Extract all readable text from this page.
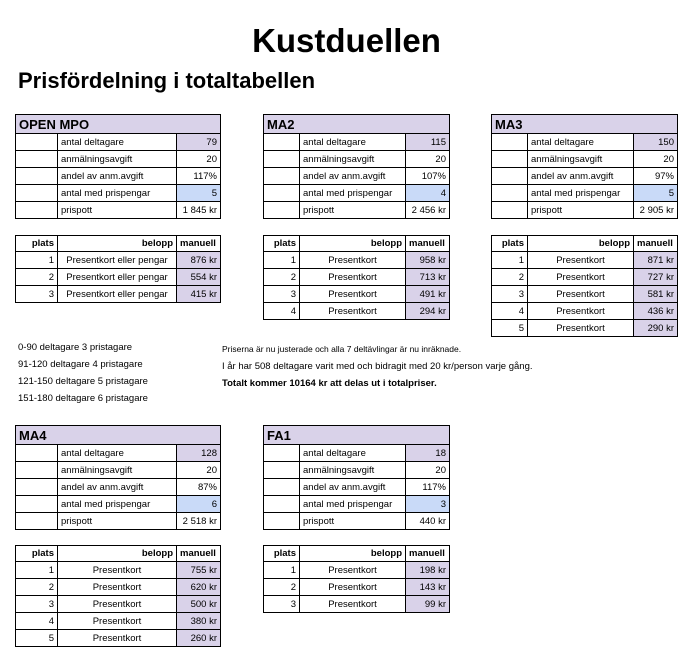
Kustduellen
Prisfördelning i totaltabellen
OPEN MPO		
	antal deltagare	79
	anmälningsavgift	20
	andel av anm.avgift	117%
	antal med prispengar	5
	prispott	1 845 kr
plats	belopp	manuell
1	Presentkort eller pengar	876 kr
2	Presentkort eller pengar	554 kr
3	Presentkort eller pengar	415 kr
MA2		
	antal deltagare	115
	anmälningsavgift	20
	andel av anm.avgift	107%
	antal med prispengar	4
	prispott	2 456 kr
plats	belopp	manuell
1	Presentkort	958 kr
2	Presentkort	713 kr
3	Presentkort	491 kr
4	Presentkort	294 kr
MA3		
	antal deltagare	150
	anmälningsavgift	20
	andel av anm.avgift	97%
	antal med prispengar	5
	prispott	2 905 kr
plats	belopp	manuell
1	Presentkort	871 kr
2	Presentkort	727 kr
3	Presentkort	581 kr
4	Presentkort	436 kr
5	Presentkort	290 kr
MA4		
	antal deltagare	128
	anmälningsavgift	20
	andel av anm.avgift	87%
	antal med prispengar	6
	prispott	2 518 kr
plats	belopp	manuell
1	Presentkort	755 kr
2	Presentkort	620 kr
3	Presentkort	500 kr
4	Presentkort	380 kr
5	Presentkort	260 kr
FA1		
	antal deltagare	18
	anmälningsavgift	20
	andel av anm.avgift	117%
	antal med prispengar	3
	prispott	440 kr
plats	belopp	manuell
1	Presentkort	198 kr
2	Presentkort	143 kr
3	Presentkort	99 kr
0-90 deltagare 3 pristagare
91-120 deltagare 4 pristagare
121-150 deltagare 5 pristagare
151-180 deltagare 6 pristagare
Priserna är nu justerade och alla 7 deltävlingar är nu inräknade.
I år har 508 deltagare varit med och bidragit med 20 kr/person varje gång.
Totalt kommer 10164 kr att delas ut i totalpriser.
